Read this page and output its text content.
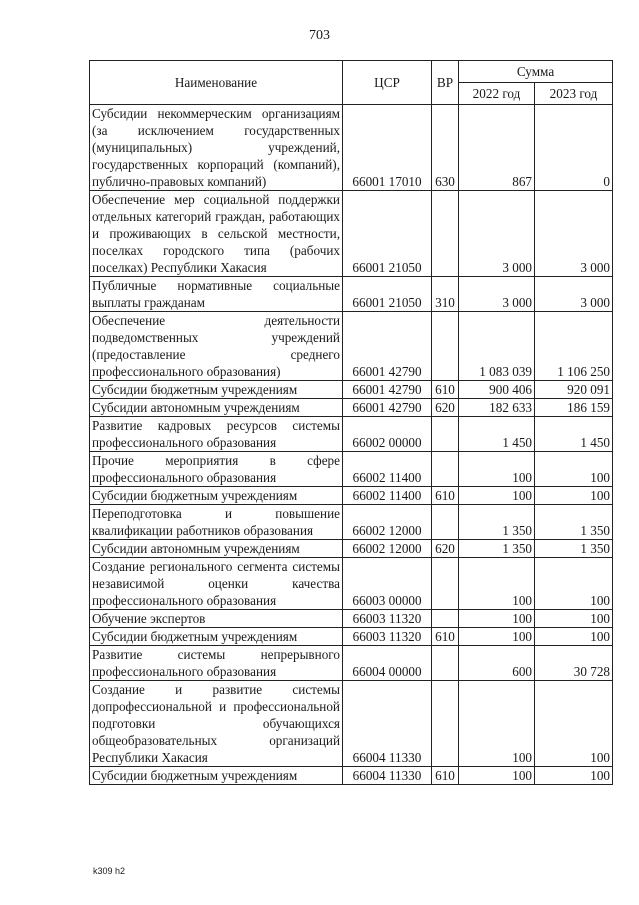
703
Наименование	ЦСР	ВР	Сумма	
			2022 год	2023 год
Субсидии некоммерческим организациям (за исключением государственных (муниципальных) учреждений, государственных корпораций (компаний), публично-правовых компаний)	66001 17010	630	867	0
Обеспечение мер социальной поддержки отдельных категорий граждан, работающих и проживающих в сельской местности, поселках городского типа (рабочих поселках) Республики Хакасия	66001 21050		3 000	3 000
Публичные нормативные социальные выплаты гражданам	66001 21050	310	3 000	3 000
Обеспечение деятельности подведомственных учреждений (предоставление среднего профессионального образования)	66001 42790		1 083 039	1 106 250
Субсидии бюджетным учреждениям	66001 42790	610	900 406	920 091
Субсидии автономным учреждениям	66001 42790	620	182 633	186 159
Развитие кадровых ресурсов системы профессионального образования	66002 00000		1 450	1 450
Прочие мероприятия в сфере профессионального образования	66002 11400		100	100
Субсидии бюджетным учреждениям	66002 11400	610	100	100
Переподготовка и повышение квалификации работников образования	66002 12000		1 350	1 350
Субсидии автономным учреждениям	66002 12000	620	1 350	1 350
Создание регионального сегмента системы независимой оценки качества профессионального образования	66003 00000		100	100
Обучение экспертов	66003 11320		100	100
Субсидии бюджетным учреждениям	66003 11320	610	100	100
Развитие системы непрерывного профессионального образования	66004 00000		600	30 728
Создание и развитие системы допрофессиональной и профессиональной подготовки обучающихся общеобразовательных организаций Республики Хакасия	66004 11330		100	100
Субсидии бюджетным учреждениям	66004 11330	610	100	100
k309 h2
